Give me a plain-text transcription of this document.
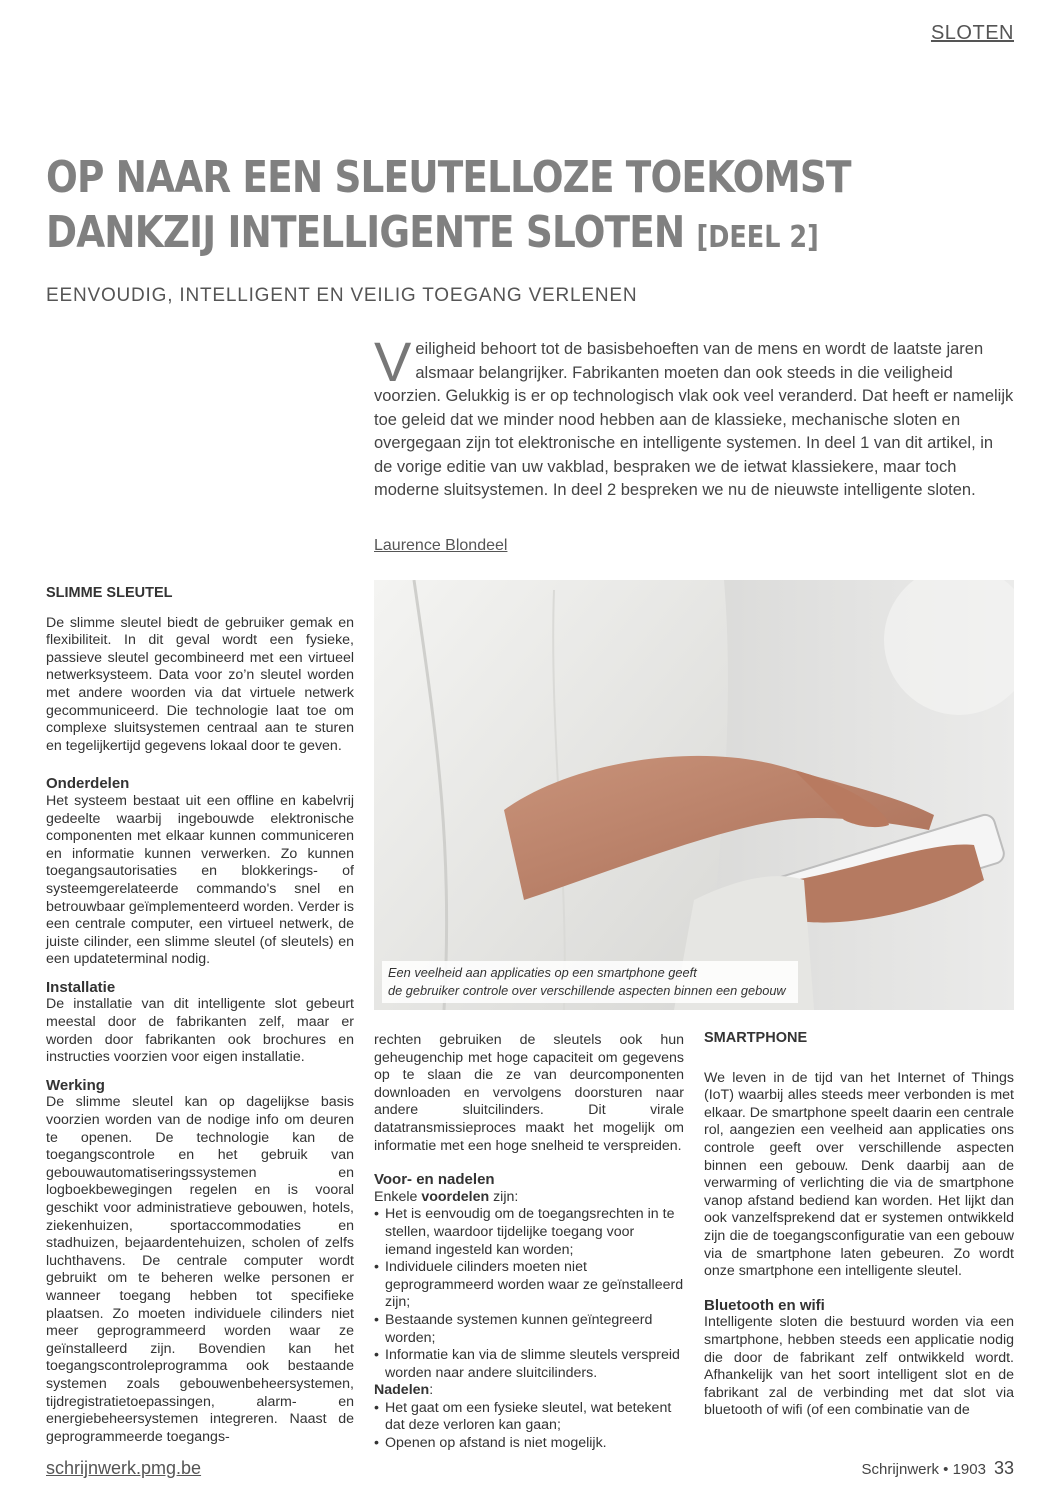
SLOTEN
OP NAAR EEN SLEUTELLOZE TOEKOMST
DANKZIJ INTELLIGENTE SLOTEN [DEEL 2]
EENVOUDIG, INTELLIGENT EN VEILIG TOEGANG VERLENEN

Veiligheid behoort tot de basisbehoeften van de mens en wordt de laatste jaren alsmaar belangrijker. Fabrikanten moeten dan ook steeds in die veiligheid voorzien. Gelukkig is er op technologisch vlak ook veel veranderd. Dat heeft er namelijk toe geleid dat we minder nood hebben aan de klassieke, mechanische sloten en overgegaan zijn tot elektronische en intelligente systemen. In deel 1 van dit artikel, in de vorige editie van uw vakblad, bespraken we de ietwat klassiekere, maar toch moderne sluitsystemen. In deel 2 bespreken we nu de nieuwste intelligente sloten.

Laurence Blondeel
SLIMME SLEUTEL

De slimme sleutel biedt de gebruiker gemak en flexibiliteit. In dit geval wordt een fysieke, passieve sleutel gecombineerd met een virtueel netwerksysteem. Data voor zo’n sleutel worden met andere woorden via dat virtuele netwerk gecommuniceerd. Die technologie laat toe om complexe sluitsystemen centraal aan te sturen en tegelijkertijd gegevens lokaal door te geven.

Onderdelen

Het systeem bestaat uit een offline en kabelvrij gedeelte waarbij ingebouwde elektronische componenten met elkaar kunnen communiceren en informatie kunnen verwerken. Zo kunnen toegangsautorisaties en blokkerings- of systeemgerelateerde commando's snel en betrouwbaar geïmplementeerd worden. Verder is een centrale computer, een virtueel netwerk, de juiste cilinder, een slimme sleutel (of sleutels) en een updateterminal nodig.

Installatie

De installatie van dit intelligente slot gebeurt meestal door de fabrikanten zelf, maar er worden door fabrikanten ook brochures en instructies voorzien voor eigen installatie.

Werking

De slimme sleutel kan op dagelijkse basis voorzien worden van de nodige info om deuren te openen. De technologie kan de toegangscontrole en het gebruik van gebouwautomatiseringssystemen en logboekbewegingen regelen en is vooral geschikt voor administratieve gebouwen, hotels, ziekenhuizen, sportaccommodaties en stadhuizen, bejaardentehuizen, scholen of zelfs luchthavens. De centrale computer wordt gebruikt om te beheren welke personen er wanneer toegang hebben tot specifieke plaatsen. Zo moeten individuele cilinders niet meer geprogrammeerd worden waar ze geïnstalleerd zijn. Bovendien kan het toegangscontroleprogramma ook bestaande systemen zoals gebouwenbeheersystemen, tijdregistratietoepassingen, alarm- en energiebeheersystemen integreren. Naast de geprogrammeerde toegangs-

Een veelheid aan applicaties op een smartphone geeft
de gebruiker controle over verschillende aspecten binnen een gebouw

rechten gebruiken de sleutels ook hun geheugenchip met hoge capaciteit om gegevens op te slaan die ze van deurcomponenten downloaden en vervolgens doorsturen naar andere sluitcilinders. Dit virale datatransmissieproces maakt het mogelijk om informatie met een hoge snelheid te verspreiden.

Voor- en nadelen
Enkele voordelen zijn:
• Het is eenvoudig om de toegangsrechten in te stellen, waardoor tijdelijke toegang voor iemand ingesteld kan worden;
• Individuele cilinders moeten niet geprogrammeerd worden waar ze geïnstalleerd zijn;
• Bestaande systemen kunnen geïntegreerd worden;
• Informatie kan via de slimme sleutels verspreid worden naar andere sluitcilinders.
Nadelen:
• Het gaat om een fysieke sleutel, wat betekent dat deze verloren kan gaan;
• Openen op afstand is niet mogelijk.
SMARTPHONE

We leven in de tijd van het Internet of Things (IoT) waarbij alles steeds meer verbonden is met elkaar. De smartphone speelt daarin een centrale rol, aangezien een veelheid aan applicaties ons controle geeft over verschillende aspecten binnen een gebouw. Denk daarbij aan de verwarming of verlichting die via de smartphone vanop afstand bediend kan worden. Het lijkt dan ook vanzelfsprekend dat er systemen ontwikkeld zijn die de toegangsconfiguratie van een gebouw via de smartphone laten gebeuren. Zo wordt onze smartphone een intelligente sleutel.

Bluetooth en wifi

Intelligente sloten die bestuurd worden via een smartphone, hebben steeds een applicatie nodig die door de fabrikant zelf ontwikkeld wordt. Afhankelijk van het soort intelligent slot en de fabrikant zal de verbinding met dat slot via bluetooth of wifi (of een combinatie van de

schrijnwerk.pmg.be	Schrijnwerk • 1903 33
